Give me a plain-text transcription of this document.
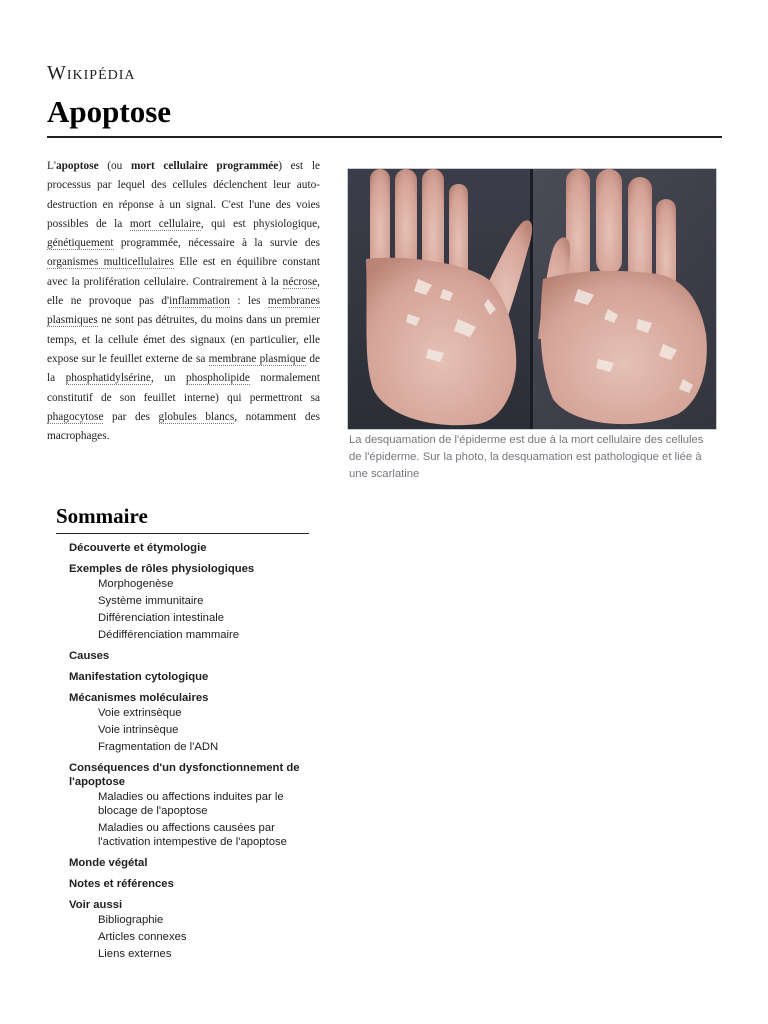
Wikipédia
Apoptose

L'apoptose (ou mort cellulaire programmée) est le processus par lequel des cellules déclenchent leur auto-destruction en réponse à un signal. C'est l'une des voies possibles de la mort cellulaire, qui est physiologique, génétiquement programmée, nécessaire à la survie des organismes multicellulaires Elle est en équilibre constant avec la prolifération cellulaire. Contrairement à la nécrose, elle ne provoque pas d'inflammation : les membranes plasmiques ne sont pas détruites, du moins dans un premier temps, et la cellule émet des signaux (en particulier, elle expose sur le feuillet externe de sa membrane plasmique de la phosphatidylsérine, un phospholipide normalement constitutif de son feuillet interne) qui permettront sa phagocytose par des globules blancs, notamment des macrophages.	La desquamation de l'épiderme est due à la mort cellulaire des cellules de l'épiderme. Sur la photo, la desquamation est pathologique et liée à une scarlatine
Sommaire
Découverte et étymologie
Exemples de rôles physiologiques
Morphogenèse
Système immunitaire
Différenciation intestinale
Dédifférenciation mammaire
Causes
Manifestation cytologique
Mécanismes moléculaires
Voie extrinsèque
Voie intrinsèque
Fragmentation de l'ADN
Conséquences d'un dysfonctionnement de l'apoptose
Maladies ou affections induites par le blocage de l'apoptose
Maladies ou affections causées par l'activation intempestive de l'apoptose
Monde végétal
Notes et références
Voir aussi
Bibliographie
Articles connexes
Liens externes
